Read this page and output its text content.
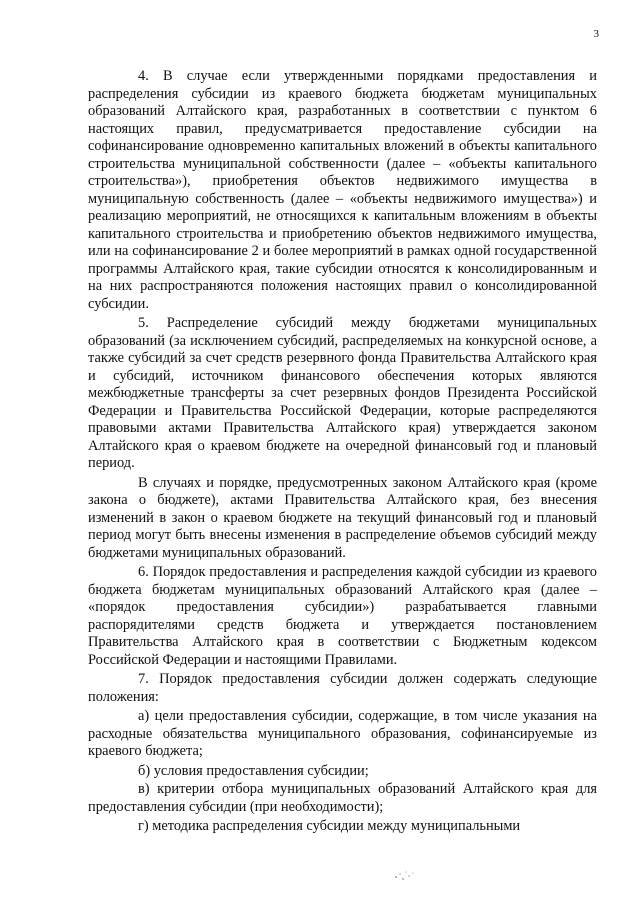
3

4. В случае если утвержденными порядками предоставления и распределения субсидии из краевого бюджета бюджетам муниципальных образований Алтайского края, разработанных в соответствии с пунктом 6 настоящих правил, предусматривается предоставление субсидии на софинансирование одновременно капитальных вложений в объекты капитального строительства муниципальной собственности (далее – «объекты капитального строительства»), приобретения объектов недвижимого имущества в муниципальную собственность (далее – «объекты недвижимого имущества») и реализацию мероприятий, не относящихся к капитальным вложениям в объекты капитального строительства и приобретению объектов недвижимого имущества, или на софинансирование 2 и более мероприятий в рамках одной государственной программы Алтайского края, такие субсидии относятся к консолидированным и на них распространяются положения настоящих правил о консолидированной субсидии.

5. Распределение субсидий между бюджетами муниципальных образований (за исключением субсидий, распределяемых на конкурсной основе, а также субсидий за счет средств резервного фонда Правительства Алтайского края и субсидий, источником финансового обеспечения которых являются межбюджетные трансферты за счет резервных фондов Президента Российской Федерации и Правительства Российской Федерации, которые распределяются правовыми актами Правительства Алтайского края) утверждается законом Алтайского края о краевом бюджете на очередной финансовый год и плановый период.

В случаях и порядке, предусмотренных законом Алтайского края (кроме закона о бюджете), актами Правительства Алтайского края, без внесения изменений в закон о краевом бюджете на текущий финансовый год и плановый период могут быть внесены изменения в распределение объемов субсидий между бюджетами муниципальных образований.

6. Порядок предоставления и распределения каждой субсидии из краевого бюджета бюджетам муниципальных образований Алтайского края (далее – «порядок предоставления субсидии») разрабатывается главными распорядителями средств бюджета и утверждается постановлением Правительства Алтайского края в соответствии с Бюджетным кодексом Российской Федерации и настоящими Правилами.

7. Порядок предоставления субсидии должен содержать следующие положения:

а) цели предоставления субсидии, содержащие, в том числе указания на расходные обязательства муниципального образования, софинансируемые из краевого бюджета;

б) условия предоставления субсидии;

в) критерии отбора муниципальных образований Алтайского края для предоставления субсидии (при необходимости);

г) методика распределения субсидии между муниципальными
